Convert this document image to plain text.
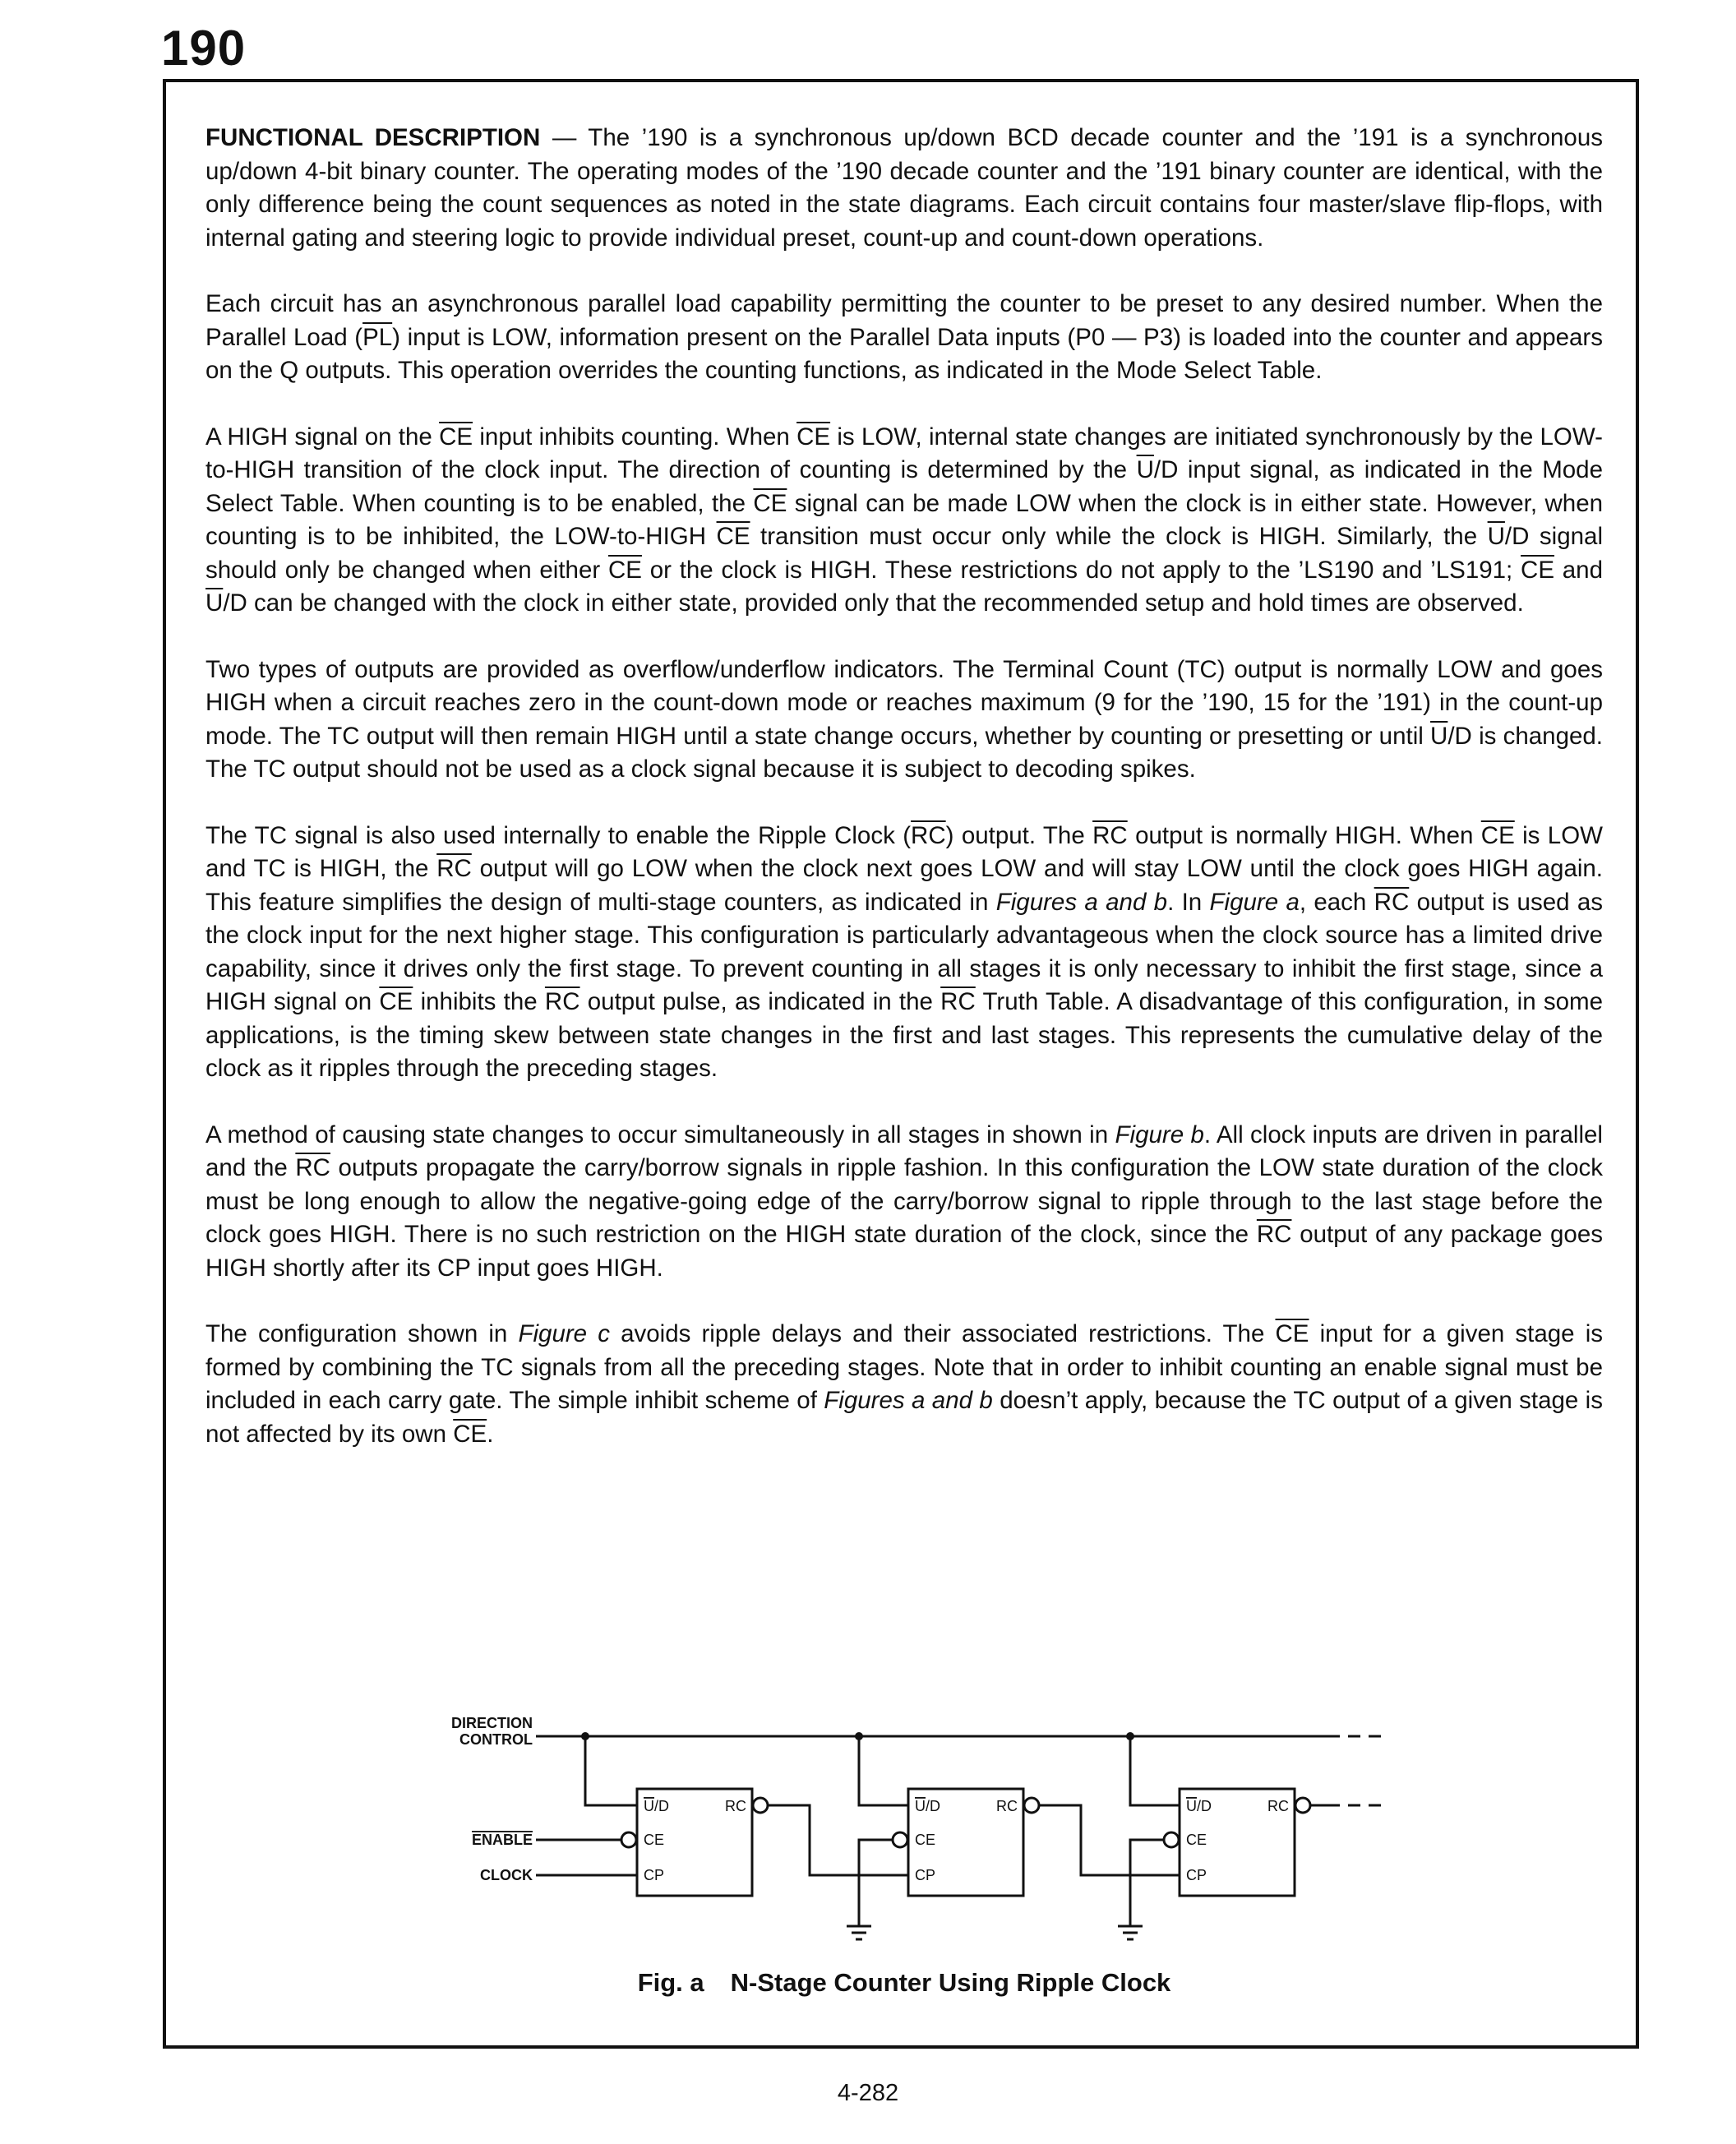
190

FUNCTIONAL DESCRIPTION — The ’190 is a synchronous up/down BCD decade counter and the ’191 is a synchronous up/down 4-bit binary counter. The operating modes of the ’190 decade counter and the ’191 binary counter are identical, with the only difference being the count sequences as noted in the state diagrams. Each circuit contains four master/slave flip-flops, with internal gating and steering logic to provide individual preset, count-up and count-down operations.

Each circuit has an asynchronous parallel load capability permitting the counter to be preset to any desired number. When the Parallel Load $(\overline{PL})$ input is LOW, information present on the Parallel Data inputs (P0 — P3) is loaded into the counter and appears on the Q outputs. This operation overrides the counting functions, as indicated in the Mode Select Table.

A HIGH signal on the $\overline{CE}$ input inhibits counting. When $\overline{CE}$ is LOW, internal state changes are initiated synchronously by the LOW-to-HIGH transition of the clock input. The direction of counting is determined by the $\overline{U}/D$ input signal, as indicated in the Mode Select Table. When counting is to be enabled, the $\overline{CE}$ signal can be made LOW when the clock is in either state. However, when counting is to be inhibited, the LOW-to-HIGH $\overline{CE}$ transition must occur only while the clock is HIGH. Similarly, the $\overline{U}/D$ signal should only be changed when either $\overline{CE}$ or the clock is HIGH. These restrictions do not apply to the ’LS190 and ’LS191; $\overline{CE}$ and $\overline{U}/D$ can be changed with the clock in either state, provided only that the recommended setup and hold times are observed.

Two types of outputs are provided as overflow/underflow indicators. The Terminal Count (TC) output is normally LOW and goes HIGH when a circuit reaches zero in the count-down mode or reaches maximum (9 for the ’190, 15 for the ’191) in the count-up mode. The TC output will then remain HIGH until a state change occurs, whether by counting or presetting or until $\overline{U}/D$ is changed. The TC output should not be used as a clock signal because it is subject to decoding spikes.

The TC signal is also used internally to enable the Ripple Clock $(\overline{RC})$ output. The $\overline{RC}$ output is normally HIGH. When $\overline{CE}$ is LOW and TC is HIGH, the $\overline{RC}$ output will go LOW when the clock next goes LOW and will stay LOW until the clock goes HIGH again. This feature simplifies the design of multi-stage counters, as indicated in Figures a and b. In Figure a, each $\overline{RC}$ output is used as the clock input for the next higher stage. This configuration is particularly advantageous when the clock source has a limited drive capability, since it drives only the first stage. To prevent counting in all stages it is only necessary to inhibit the first stage, since a HIGH signal on $\overline{CE}$ inhibits the $\overline{RC}$ output pulse, as indicated in the $\overline{RC}$ Truth Table. A disadvantage of this configuration, in some applications, is the timing skew between state changes in the first and last stages. This represents the cumulative delay of the clock as it ripples through the preceding stages.

A method of causing state changes to occur simultaneously in all stages in shown in Figure b. All clock inputs are driven in parallel and the $\overline{RC}$ outputs propagate the carry/borrow signals in ripple fashion. In this configuration the LOW state duration of the clock must be long enough to allow the negative-going edge of the carry/borrow signal to ripple through to the last stage before the clock goes HIGH. There is no such restriction on the HIGH state duration of the clock, since the $\overline{RC}$ output of any package goes HIGH shortly after its CP input goes HIGH.

The configuration shown in Figure c avoids ripple delays and their associated restrictions. The $\overline{CE}$ input for a given stage is formed by combining the TC signals from all the preceding stages. Note that in order to inhibit counting an enable signal must be included in each carry gate. The simple inhibit scheme of Figures a and b doesn’t apply, because the TC output of a given stage is not affected by its own $\overline{CE}$.

DIRECTION
CONTROL
ENABLE
CLOCK
U/D	RC
CE
CP
U/D	RC
CE
CP
U/D	RC
CE
CP
Fig. a N-Stage Counter Using Ripple Clock
4-282
